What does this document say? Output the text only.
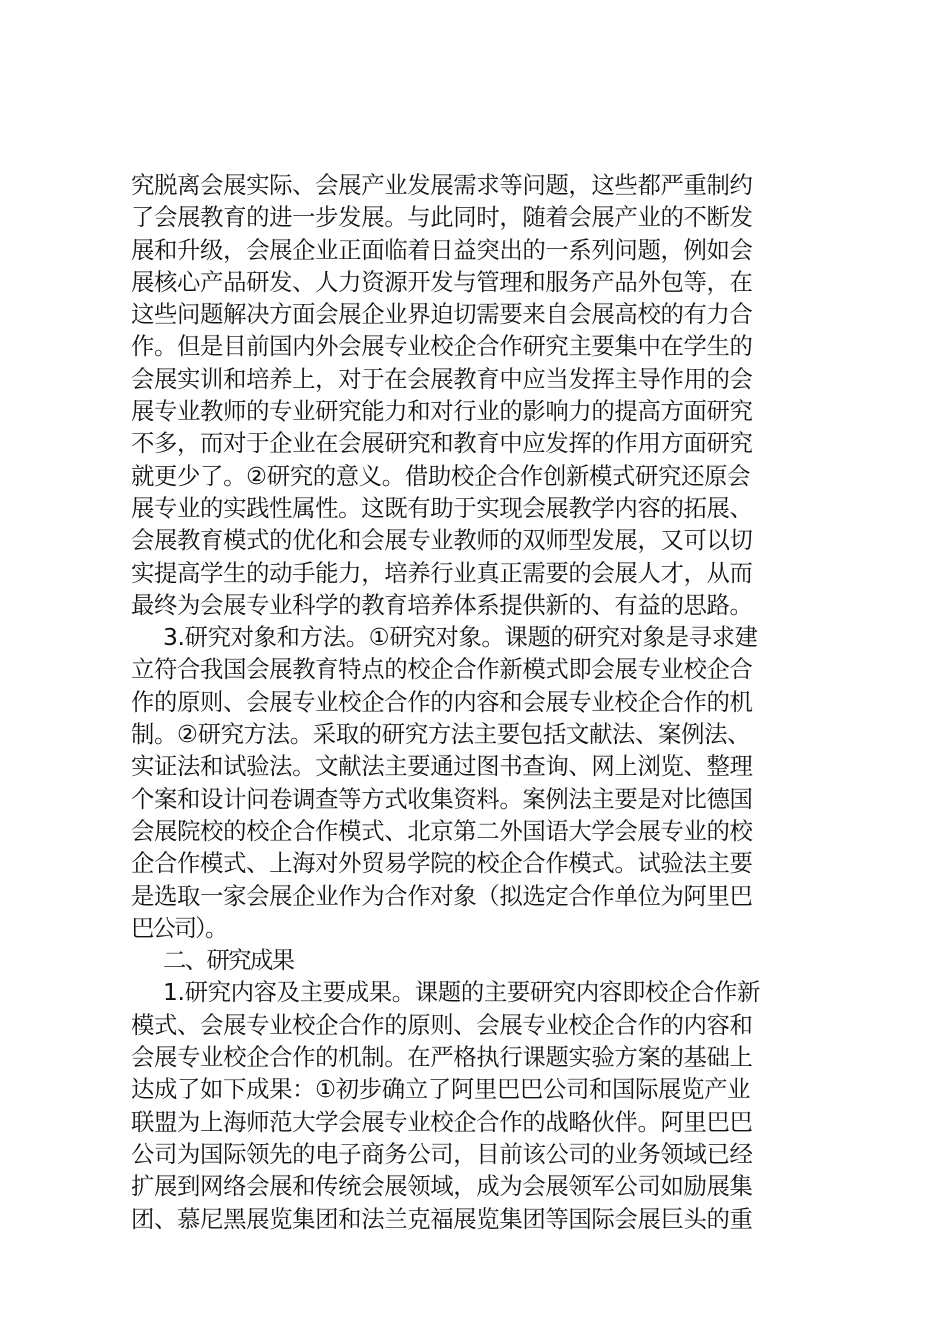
究脱离会展实际、会展产业发展需求等问题，这些都严重制约
了会展教育的进一步发展。与此同时，随着会展产业的不断发
展和升级，会展企业正面临着日益突出的一系列问题，例如会
展核心产品研发、人力资源开发与管理和服务产品外包等，在
这些问题解决方面会展企业界迫切需要来自会展高校的有力合
作。但是目前国内外会展专业校企合作研究主要集中在学生的
会展实训和培养上，对于在会展教育中应当发挥主导作用的会
展专业教师的专业研究能力和对行业的影响力的提高方面研究
不多，而对于企业在会展研究和教育中应发挥的作用方面研究
就更少了。②研究的意义。借助校企合作创新模式研究还原会
展专业的实践性属性。这既有助于实现会展教学内容的拓展、
会展教育模式的优化和会展专业教师的双师型发展，又可以切
实提高学生的动手能力，培养行业真正需要的会展人才，从而
最终为会展专业科学的教育培养体系提供新的、有益的思路。
3.研究对象和方法。①研究对象。课题的研究对象是寻求建
立符合我国会展教育特点的校企合作新模式即会展专业校企合
作的原则、会展专业校企合作的内容和会展专业校企合作的机
制。②研究方法。采取的研究方法主要包括文献法、案例法、
实证法和试验法。文献法主要通过图书查询、网上浏览、整理
个案和设计问卷调查等方式收集资料。案例法主要是对比德国
会展院校的校企合作模式、北京第二外国语大学会展专业的校
企合作模式、上海对外贸易学院的校企合作模式。试验法主要
是选取一家会展企业作为合作对象（拟选定合作单位为阿里巴
巴公司）。
二、研究成果
1.研究内容及主要成果。课题的主要研究内容即校企合作新
模式、会展专业校企合作的原则、会展专业校企合作的内容和
会展专业校企合作的机制。在严格执行课题实验方案的基础上
达成了如下成果：①初步确立了阿里巴巴公司和国际展览产业
联盟为上海师范大学会展专业校企合作的战略伙伴。阿里巴巴
公司为国际领先的电子商务公司，目前该公司的业务领域已经
扩展到网络会展和传统会展领域，成为会展领军公司如励展集
团、慕尼黑展览集团和法兰克福展览集团等国际会展巨头的重
